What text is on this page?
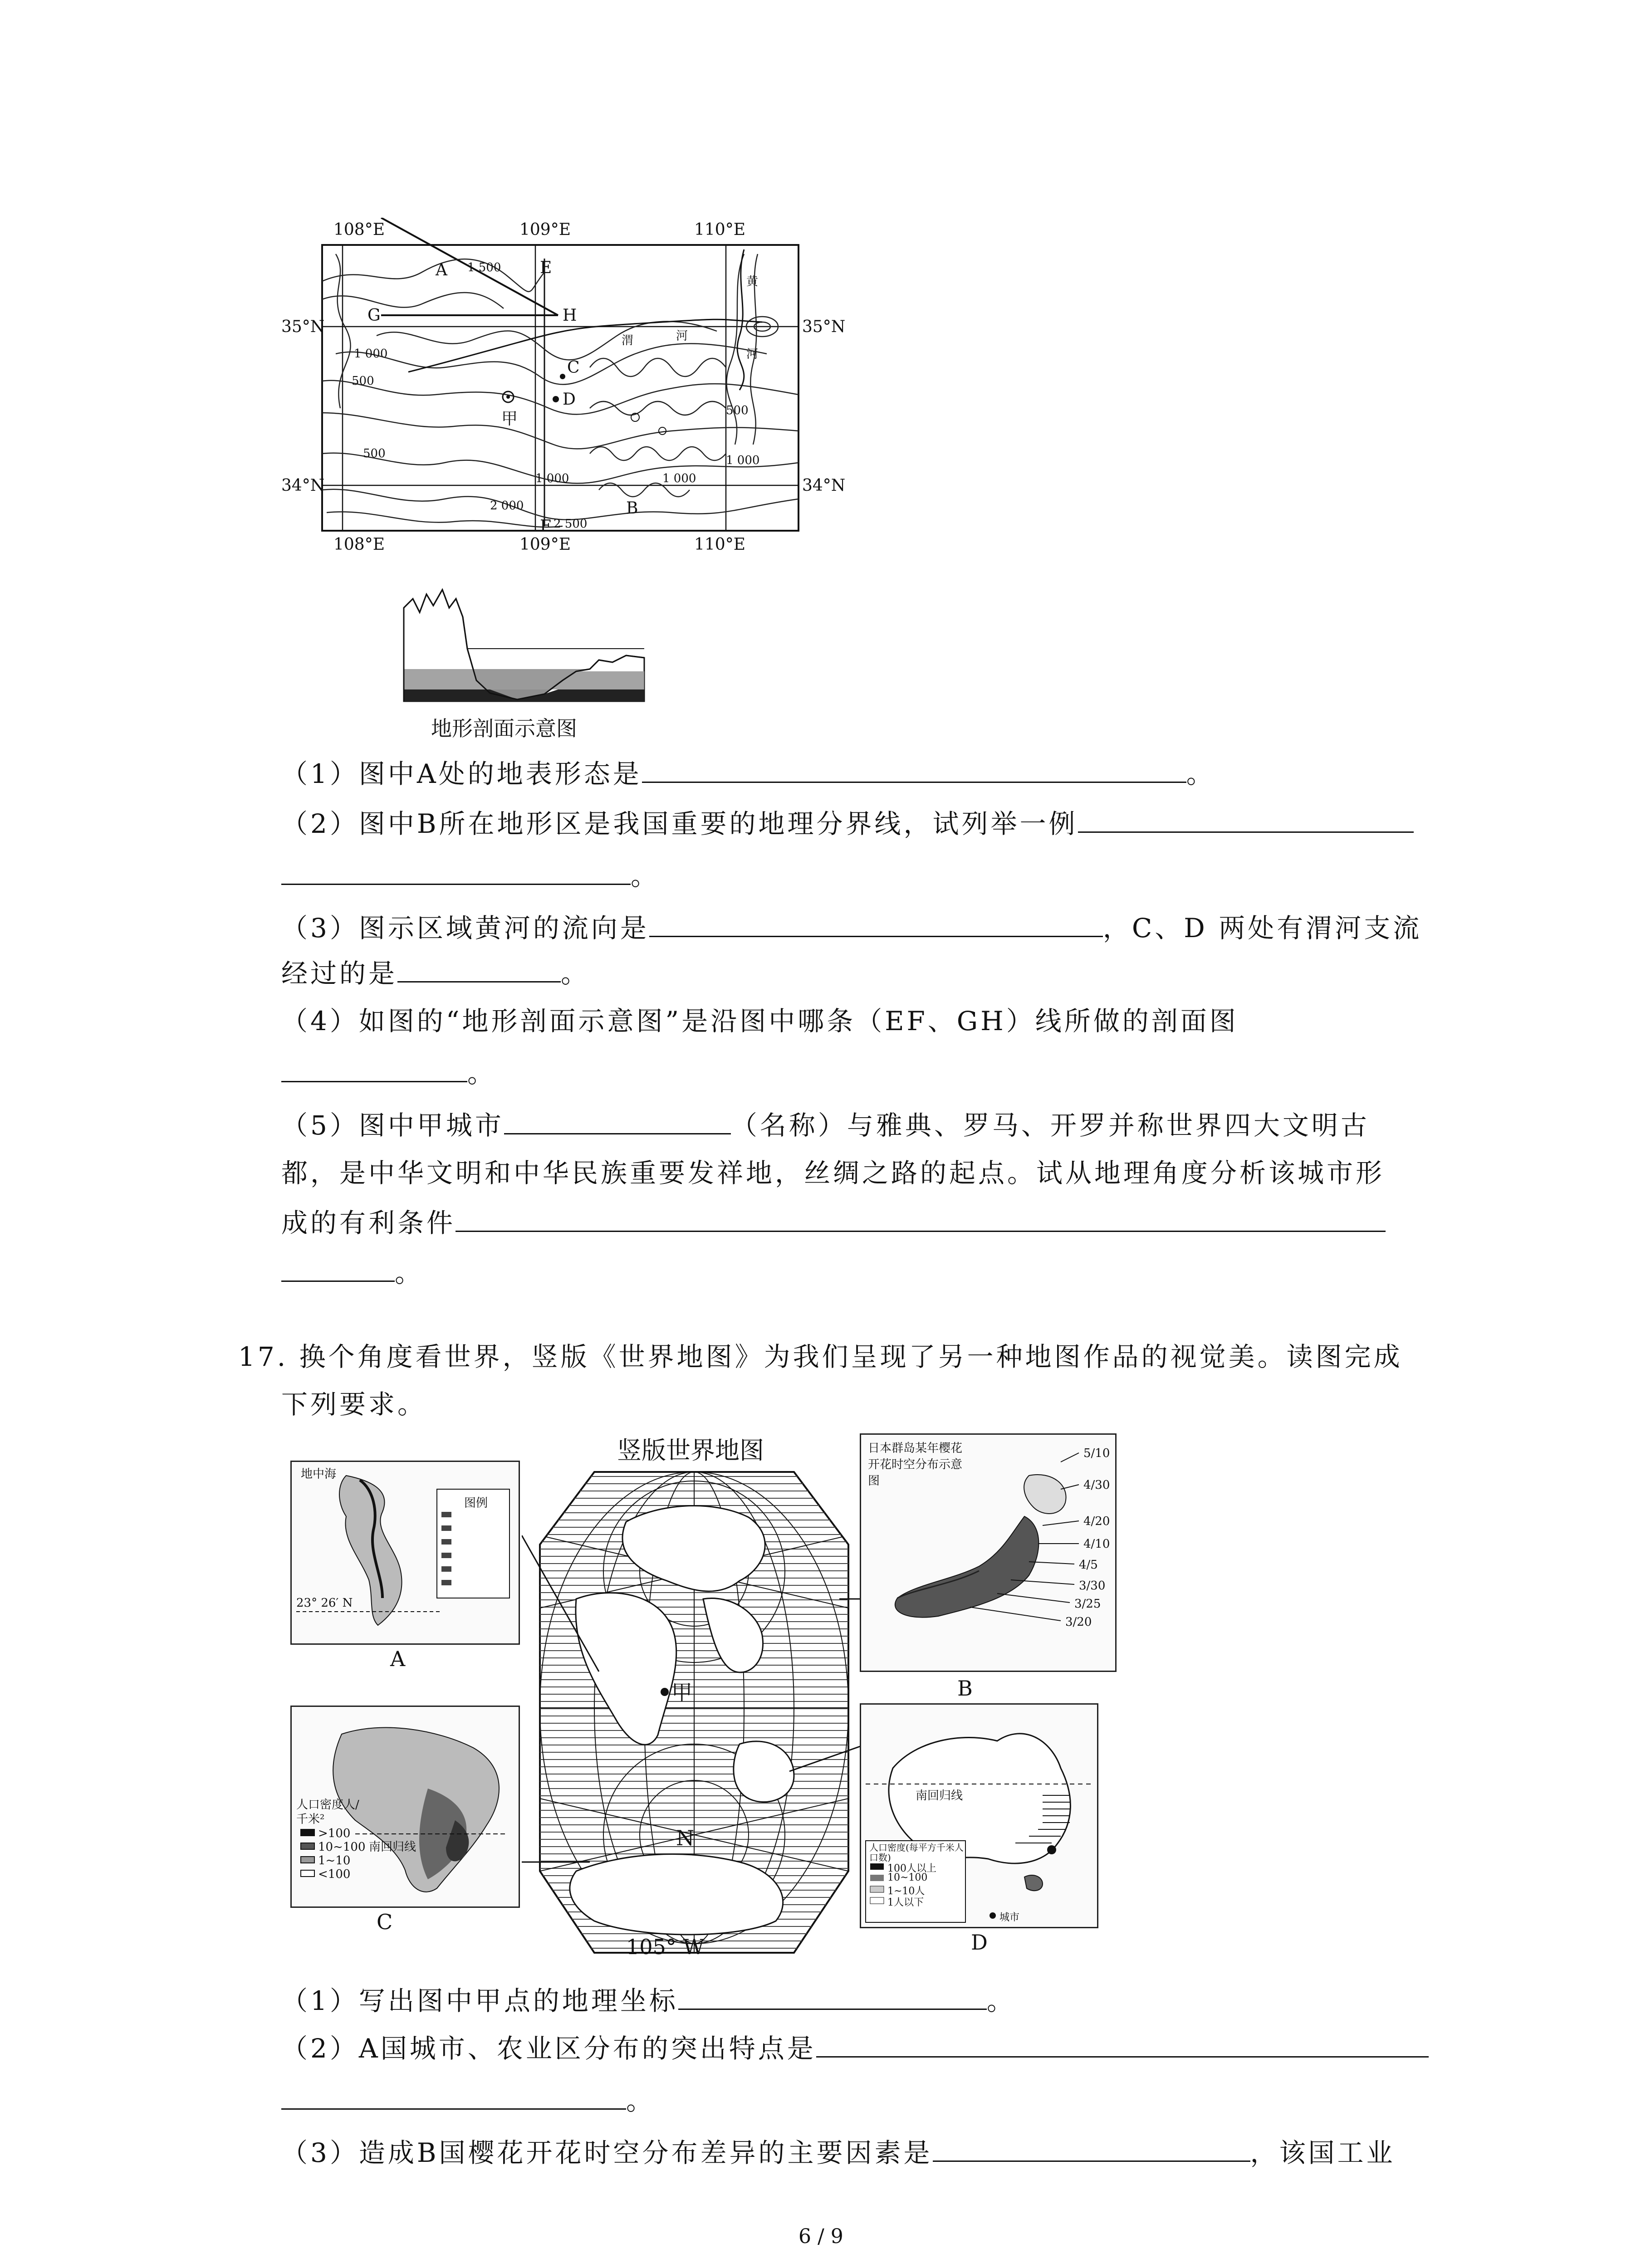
108°E	109°E	110°E
108°E	109°E	110°E
35°N
34°N
35°N
34°N
A
B
C
D
E
F
G	H
甲
渭	河
黄
河
1 500
1 000
500
500
1 000	1 000
2 000
2 500
500
1 000
地形剖面示意图
（1）图中A处的地表形态是	。
（2）图中B所在地形区是我国重要的地理分界线，试列举一例
。
（3）图示区域黄河的流向是	，C、D 两处有渭河支流
经过的是	。
（4）如图的“地形剖面示意图”是沿图中哪条（EF、GH）线所做的剖面图
。
（5）图中甲城市	（名称）与雅典、罗马、开罗并称世界四大文明古
都，是中华文明和中华民族重要发祥地，丝绸之路的起点。试从地理角度分析该城市形
成的有利条件
。
17. 换个角度看世界，竖版《世界地图》为我们呈现了另一种地图作品的视觉美。读图完成
下列要求。
竖版世界地图
甲
N
105° W
地中海
图例
23° 26′ N
A
日本群岛某年樱花开花时空分布示意图
5/10
4/30
4/20
4/10
4/5
3/30
3/25
3/20
B
人口密度人/千米²
>100
10~100
1~10
<100
南回归线
C
南回归线
人口密度(每平方千米人口数)
100人以上
10~100
1~10人
1人以下
城市
D
（1）写出图中甲点的地理坐标	。
（2）A国城市、农业区分布的突出特点是
。
（3）造成B国樱花开花时空分布差异的主要因素是	，该国工业
6 / 9
